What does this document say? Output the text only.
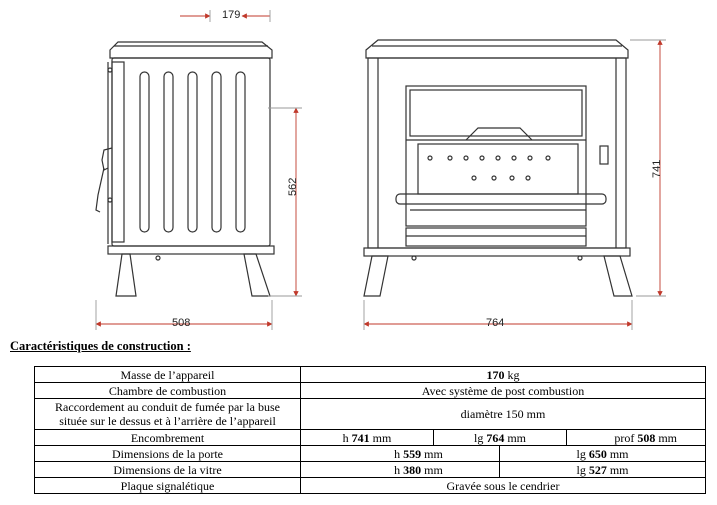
179
508
562
764
741
Caractéristiques de construction :
Masse de l’appareil	170 kg			
Chambre de combustion	Avec système de post combustion			
Raccordement au conduit de fumée par la buse
située sur le dessus et à l’arrière de l’appareil	diamètre 150 mm			
Encombrement	h 741 mm	lg 764 mm		prof 508 mm
Dimensions de la porte	h 559 mm		lg 650 mm	
Dimensions de la vitre	h 380 mm		lg 527 mm	
Plaque signalétique	Gravée sous le cendrier			
